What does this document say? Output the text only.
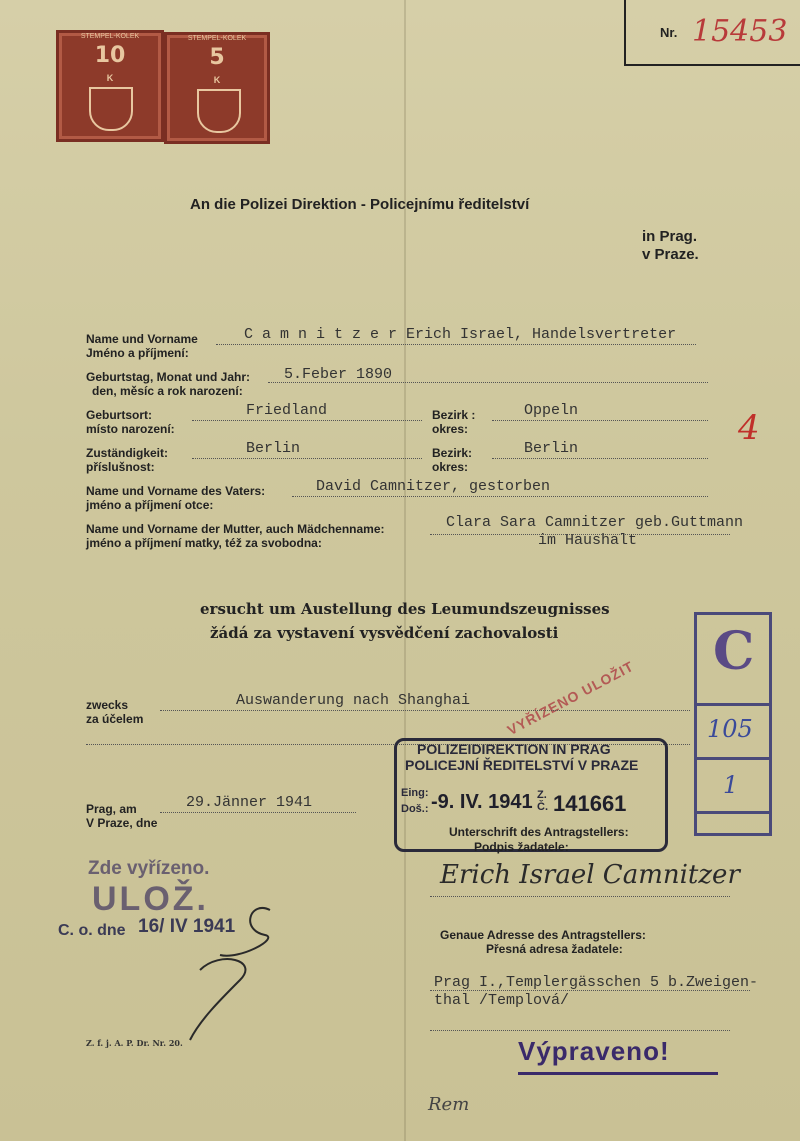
STEMPEL-KOLEK
10
K
STEMPEL-KOLEK
5
K
Nr. 15453
An die Polizei Direktion - Policejnímu ředitelství
in Prag.
v Praze.
Name und Vorname
Jméno a příjmení:
C a m n i t z e r Erich Israel, Handelsvertreter
Geburtstag, Monat und Jahr:
den, měsíc a rok narození:
5.Feber 1890
Geburtsort:
místo narození:
Friedland	Bezirk :
okres:
Oppeln	4
Zuständigkeit:
příslušnost:
Berlin	Bezirk:
okres:
Berlin
Name und Vorname des Vaters:
jméno a příjmení otce:
David Camnitzer, gestorben
Name und Vorname der Mutter, auch Mädchenname:
jméno a příjmení matky, též za svobodna:
Clara Sara Camnitzer geb.Guttmann
im Haushalt
ersucht um Austellung des Leumundszeugnisses
žádá za vystavení vysvědčení zachovalosti
VYŘÍZENO ULOŽIT
zwecks
za účelem
Auswanderung nach Shanghai
Prag, am
V Praze, dne
29.Jänner 1941
POLIZEIDIREKTION IN PRAG
POLICEJNÍ ŘEDITELSTVÍ V PRAZE
Eing:
Doš.: -9. IV. 1941 Z. Č. 141661
Unterschrift des Antragstellers:
Podpis žadatele:
C
105
1
Erich Israel Camnitzer
Zde vyřízeno.
ULOŽ.
C. o. dne 16/ IV 1941	Genaue Adresse des Antragstellers:
Přesná adresa žadatele:
Prag I.,Templergässchen 5 b.Zweigen-
thal /Templová/
Výpraveno!
Z. f. j. A. P. Dr. Nr. 20.
Rem
